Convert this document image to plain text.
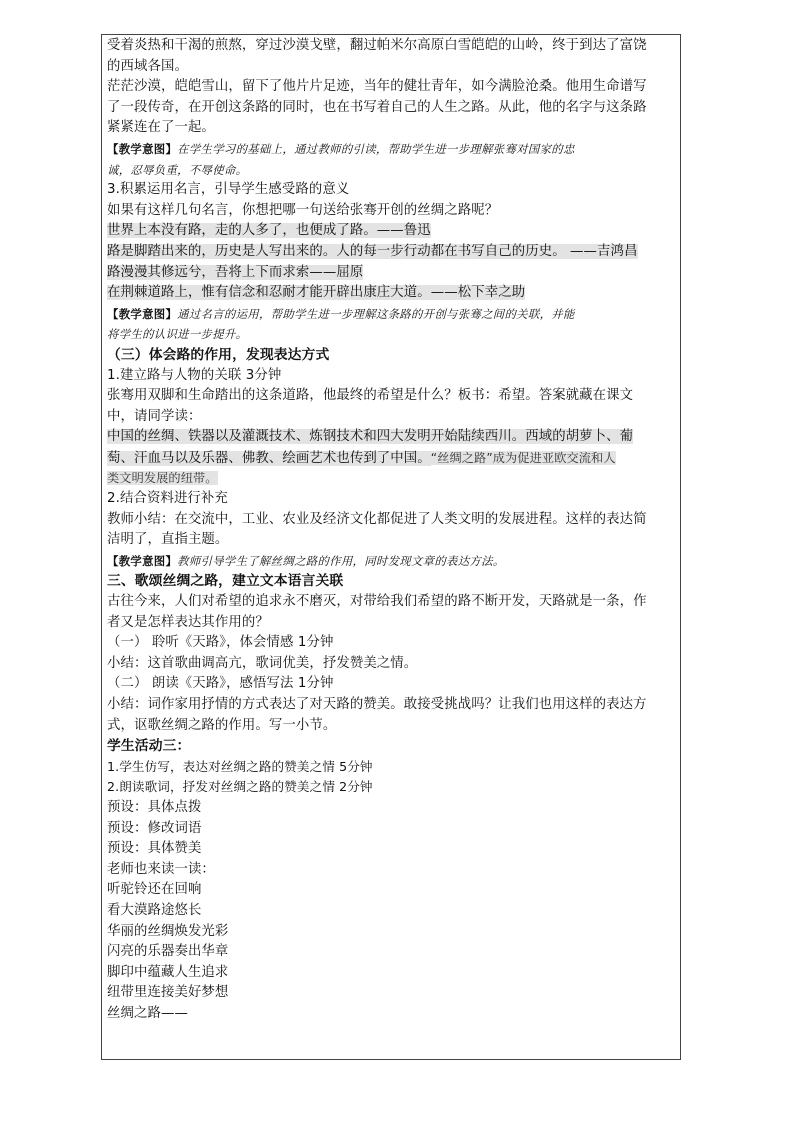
受着炎热和干渴的煎熬，穿过沙漠戈壁，翻过帕米尔高原白雪皑皑的山岭，终于到达了富饶
的西域各国。
茫茫沙漠，皑皑雪山，留下了他片片足迹，当年的健壮青年，如今满脸沧桑。他用生命谱写
了一段传奇，在开创这条路的同时，也在书写着自己的人生之路。从此，他的名字与这条路
紧紧连在了一起。
【教学意图】在学生学习的基础上，通过教师的引读，帮助学生进一步理解张骞对国家的忠
诚，忍辱负重，不辱使命。
3.积累运用名言，引导学生感受路的意义
如果有这样几句名言，你想把哪一句送给张骞开创的丝绸之路呢？
世界上本没有路，走的人多了，也便成了路。——鲁迅
路是脚踏出来的，历史是人写出来的。人的每一步行动都在书写自己的历史。 ——吉鸿昌
路漫漫其修远兮，吾将上下而求索——屈原
在荆棘道路上，惟有信念和忍耐才能开辟出康庄大道。——松下幸之助
【教学意图】通过名言的运用，帮助学生进一步理解这条路的开创与张骞之间的关联，并能
将学生的认识进一步提升。
（三）体会路的作用，发现表达方式
1.建立路与人物的关联 3分钟
张骞用双脚和生命踏出的这条道路，他最终的希望是什么？板书：希望。答案就藏在课文
中，请同学读：
中国的丝绸、铁器以及灌溉技术、炼钢技术和四大发明开始陆续西川。西域的胡萝卜、葡
萄、汗血马以及乐器、佛教、绘画艺术也传到了中国。“丝绸之路”成为促进亚欧交流和人
类文明发展的纽带。
2.结合资料进行补充
教师小结：在交流中，工业、农业及经济文化都促进了人类文明的发展进程。这样的表达简
洁明了，直指主题。
【教学意图】教师引导学生了解丝绸之路的作用，同时发现文章的表达方法。
三、歌颂丝绸之路，建立文本语言关联
古往今来，人们对希望的追求永不磨灭，对带给我们希望的路不断开发，天路就是一条，作
者又是怎样表达其作用的？
（一） 聆听《天路》，体会情感 1分钟
小结：这首歌曲调高亢，歌词优美，抒发赞美之情。
（二） 朗读《天路》，感悟写法 1分钟
小结：词作家用抒情的方式表达了对天路的赞美。敢接受挑战吗？让我们也用这样的表达方
式，讴歌丝绸之路的作用。写一小节。
学生活动三：
1.学生仿写，表达对丝绸之路的赞美之情 5分钟
2.朗读歌词，抒发对丝绸之路的赞美之情 2分钟
预设：具体点拨
预设：修改词语
预设：具体赞美
老师也来读一读：
听驼铃还在回响
看大漠路途悠长
华丽的丝绸焕发光彩
闪亮的乐器奏出华章
脚印中蕴藏人生追求
纽带里连接美好梦想
丝绸之路——
